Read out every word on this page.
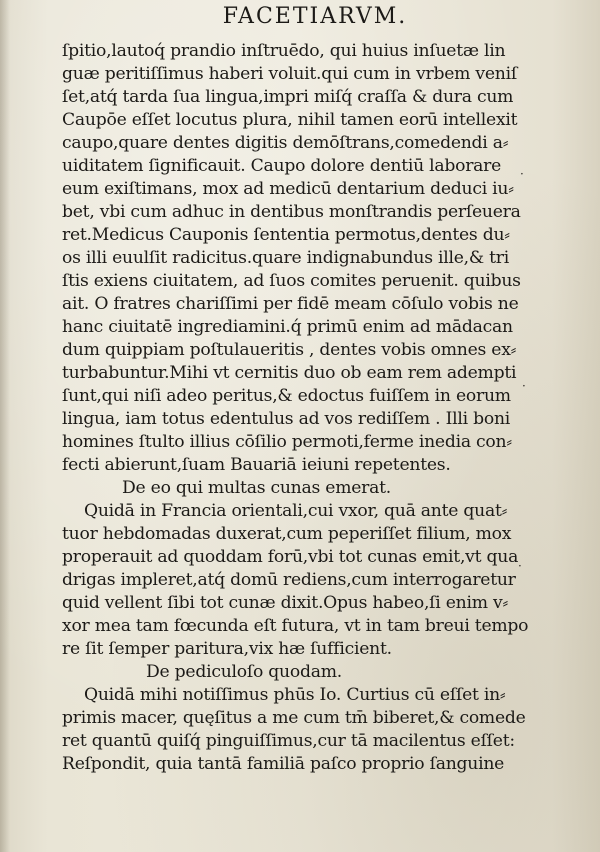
FACETIARVM.
ſpitio,lautoq́ prandio inſtruēdo, qui huius inſuetæ lin
guæ peritiſſimus haberi voluit.qui cum in vrbem veniſ
ſet,atq́ tarda ſua lingua,impri miſq́ craſſa & dura cum
Caupōe eſſet locutus plura, nihil tamen eorū intellexit
caupo,quare dentes digitis demōſtrans,comedendi a⸗
uiditatem ſignificauit. Caupo dolore dentiū laborare
eum exiſtimans, mox ad medicū dentarium deduci iu⸗
bet, vbi cum adhuc in dentibus monſtrandis perſeuera
ret.Medicus Cauponis ſententia permotus,dentes du⸗
os illi euulſit radicitus.quare indignabundus ille,& tri
ſtis exiens ciuitatem, ad ſuos comites peruenit. quibus
ait. O fratres chariſſimi per fidē meam cōſulo vobis ne
hanc ciuitatē ingrediamini.q́ primū enim ad mādacan
dum quippiam poſtulaueritis , dentes vobis omnes ex⸗
turbabuntur.Mihi vt cernitis duo ob eam rem adempti
ſunt,qui niſi adeo peritus,& edoctus fuiſſem in eorum
lingua, iam totus edentulus ad vos rediſſem . Illi boni
homines ſtulto illius cōſilio permoti,ferme inedia con⸗
fecti abierunt,ſuam Bauariā ieiuni repetentes.
De eo qui multas cunas emerat.
Quidā in Francia orientali,cui vxor, quā ante quat⸗
tuor hebdomadas duxerat,cum peperiſſet filium, mox
properauit ad quoddam forū,vbi tot cunas emit,vt qua
drigas impleret,atq́ domū rediens,cum interrogaretur
quid vellent ſibi tot cunæ dixit.Opus habeo,ſi enim v⸗
xor mea tam fœcunda eſt futura, vt in tam breui tempo
re ſit ſemper paritura,vix hæ ſufficient.
De pediculoſo quodam.
Quidā mihi notiſſimus phūs Io. Curtius cū eſſet in⸗
primis macer, quęſitus a me cum tm̄ biberet,& comede
ret quantū quiſq́ pinguiſſimus,cur tā macilentus eſſet:
Reſpondit, quia tantā familiā paſco proprio ſanguine
·
·
·
